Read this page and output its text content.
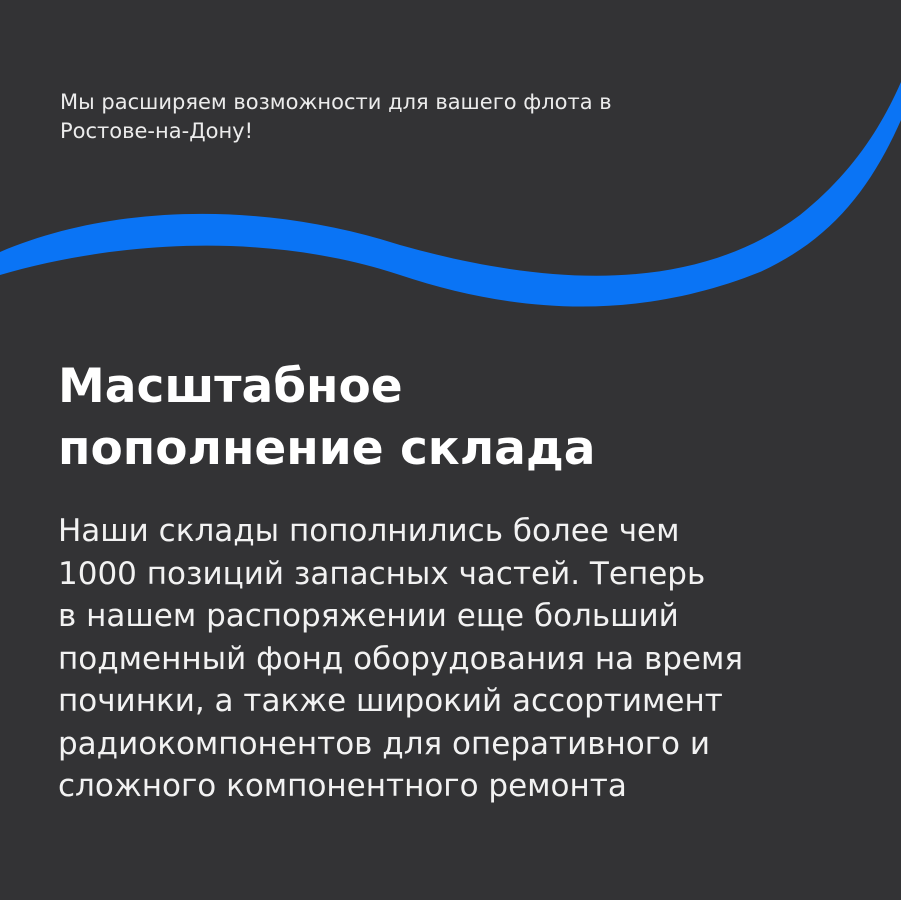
Мы расширяем возможности для вашего флота в
Ростове-на-Дону!

Масштабное
пополнение склада

Наши склады пополнились более чем
1000 позиций запасных частей. Теперь
в нашем распоряжении еще больший
подменный фонд оборудования на время
починки, а также широкий ассортимент
радиокомпонентов для оперативного и
сложного компонентного ремонта
